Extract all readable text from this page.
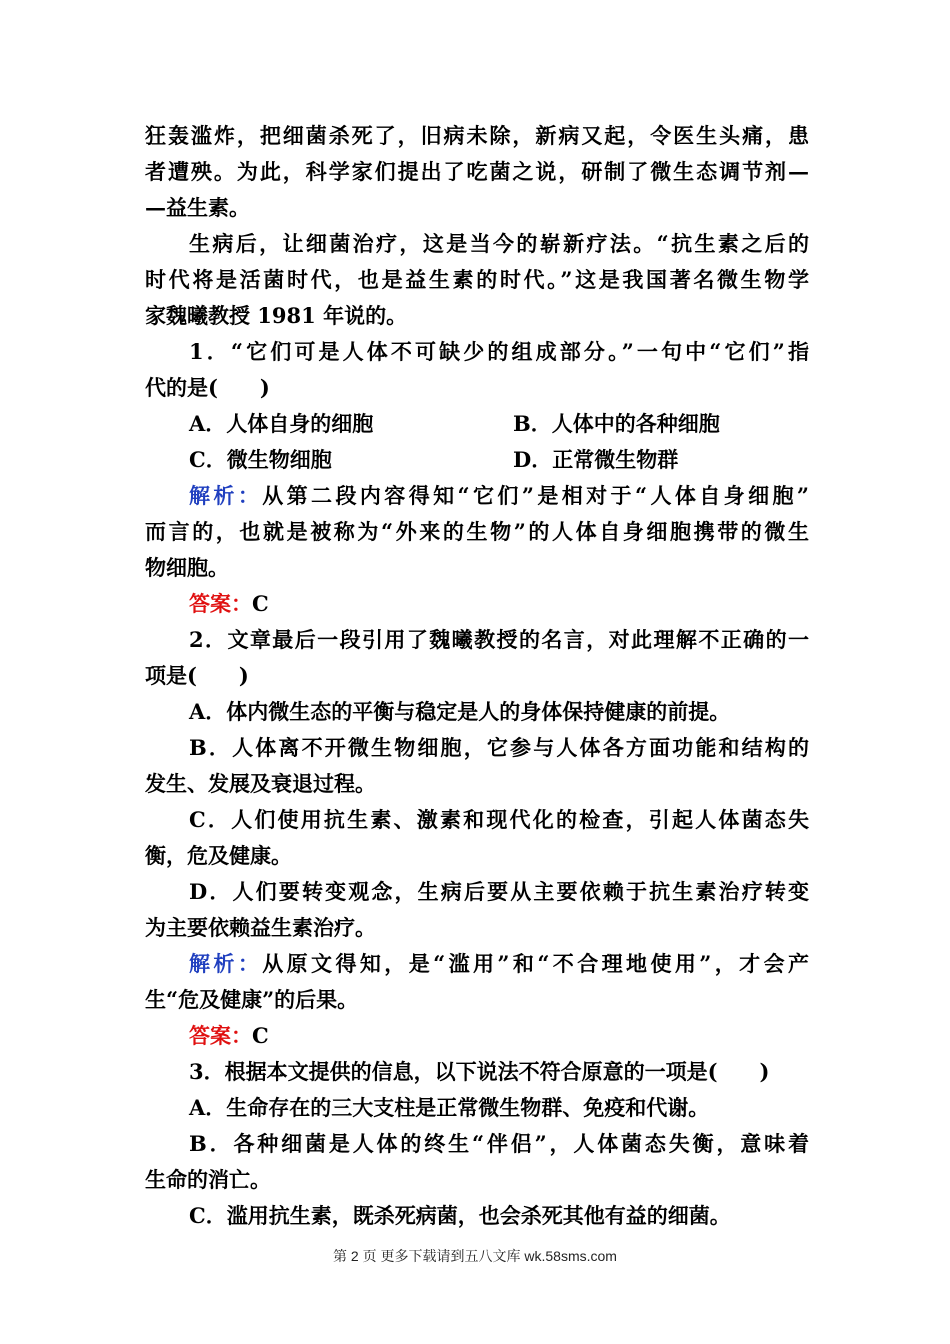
狂轰滥炸，把细菌杀死了，旧病未除，新病又起，令医生头痛，患
者遭殃。为此，科学家们提出了吃菌之说，研制了微生态调节剂—
—益生素。
生病后，让细菌治疗，这是当今的崭新疗法。“抗生素之后的
时代将是活菌时代，也是益生素的时代。”这是我国著名微生物学
家魏曦教授 1981 年说的。
1．“它们可是人体不可缺少的组成部分。”一句中“它们”指
代的是(　　)
A．人体自身的细胞	B．人体中的各种细胞
C．微生物细胞	D．正常微生物群
解析：从第二段内容得知“它们”是相对于“人体自身细胞”
而言的，也就是被称为“外来的生物”的人体自身细胞携带的微生
物细胞。
答案：C
2．文章最后一段引用了魏曦教授的名言，对此理解不正确的一
项是(　　)
A．体内微生态的平衡与稳定是人的身体保持健康的前提。
B．人体离不开微生物细胞，它参与人体各方面功能和结构的
发生、发展及衰退过程。
C．人们使用抗生素、激素和现代化的检查，引起人体菌态失
衡，危及健康。
D．人们要转变观念，生病后要从主要依赖于抗生素治疗转变
为主要依赖益生素治疗。
解析：从原文得知，是“滥用”和“不合理地使用”，才会产
生“危及健康”的后果。
答案：C
3．根据本文提供的信息，以下说法不符合原意的一项是(　　)
A．生命存在的三大支柱是正常微生物群、免疫和代谢。
B．各种细菌是人体的终生“伴侣”，人体菌态失衡，意味着
生命的消亡。
C．滥用抗生素，既杀死病菌，也会杀死其他有益的细菌。
第 2 页 更多下载请到五八文库 wk.58sms.com
